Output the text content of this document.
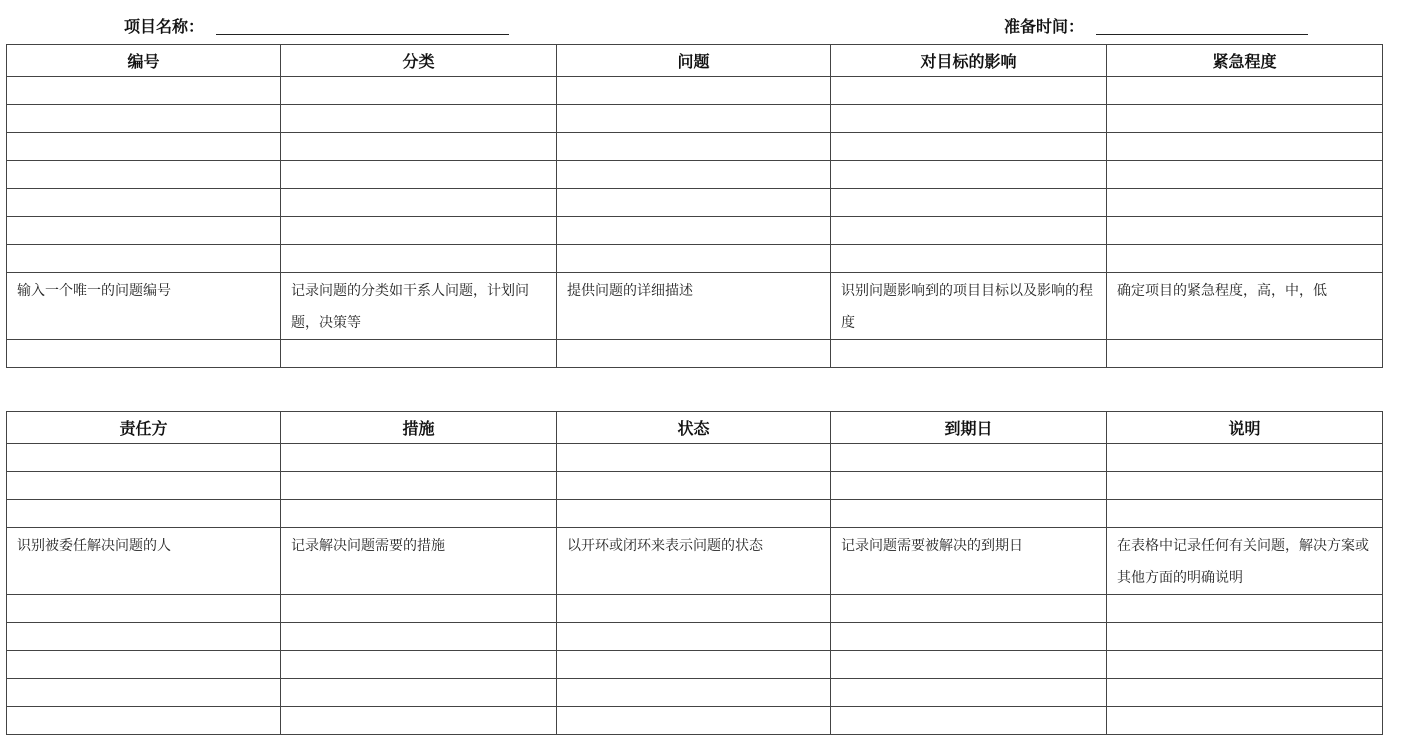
项目名称：	准备时间：
编号	分类	问题	对目标的影响	紧急程度

输入一个唯一的问题编号	记录问题的分类如干系人问题，计划问题，决策等	提供问题的详细描述	识别问题影响到的项目目标以及影响的程度	确定项目的紧急程度，高，中，低

责任方	措施	状态	到期日	说明

识别被委任解决问题的人	记录解决问题需要的措施	以开环或闭环来表示问题的状态	记录问题需要被解决的到期日	在表格中记录任何有关问题，解决方案或其他方面的明确说明
